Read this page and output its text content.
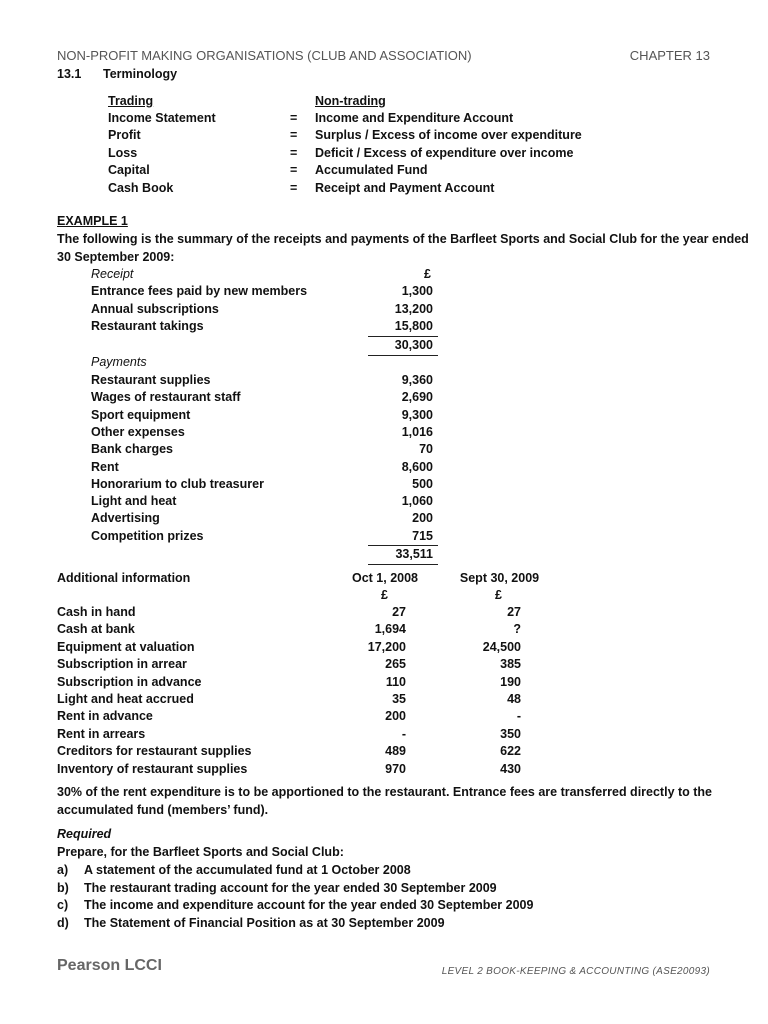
NON-PROFIT MAKING ORGANISATIONS (CLUB AND ASSOCIATION)	CHAPTER 13
13.1 Terminology
Trading	Non-trading
Income Statement	= Income and Expenditure Account
Profit	= Surplus / Excess of income over expenditure
Loss	= Deficit / Excess of expenditure over income
Capital	= Accumulated Fund
Cash Book	= Receipt and Payment Account
EXAMPLE 1
The following is the summary of the receipts and payments of the Barfleet Sports and Social Club for the year ended
30 September 2009:
Receipt	£
Entrance fees paid by new members	1,300
Annual subscriptions	13,200
Restaurant takings	15,800
30,300
Payments
Restaurant supplies	9,360
Wages of restaurant staff	2,690
Sport equipment	9,300
Other expenses	1,016
Bank charges	70
Rent	8,600
Honorarium to club treasurer	500
Light and heat	1,060
Advertising	200
Competition prizes	715
33,511
Additional information	Oct 1, 2008	Sept 30, 2009
£	£
Cash in hand	27	27
Cash at bank	1,694	?
Equipment at valuation	17,200	24,500
Subscription in arrear	265	385
Subscription in advance	110	190
Light and heat accrued	35	48
Rent in advance	200	-
Rent in arrears	-	350
Creditors for restaurant supplies	489	622
Inventory of restaurant supplies	970	430
30% of the rent expenditure is to be apportioned to the restaurant. Entrance fees are transferred directly to the
accumulated fund (members’ fund).
Required
Prepare, for the Barfleet Sports and Social Club:
a) A statement of the accumulated fund at 1 October 2008
b) The restaurant trading account for the year ended 30 September 2009
c) The income and expenditure account for the year ended 30 September 2009
d) The Statement of Financial Position as at 30 September 2009
Pearson LCCI	LEVEL 2 BOOK-KEEPING & ACCOUNTING (ASE20093)
